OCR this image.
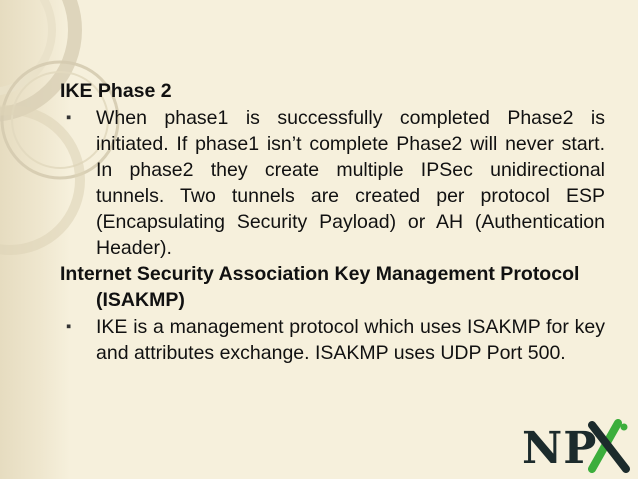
IKE Phase 2

▪ When phase1 is successfully completed Phase2 is initiated. If phase1 isn’t complete Phase2 will never start. In phase2 they create multiple IPSec unidirectional tunnels. Two tunnels are created per protocol ESP (Encapsulating Security Payload) or AH (Authentication Header).

Internet Security Association Key Management Protocol (ISAKMP)

▪ IKE is a management protocol which uses ISAKMP for key and attributes exchange. ISAKMP uses UDP Port 500.
NP
